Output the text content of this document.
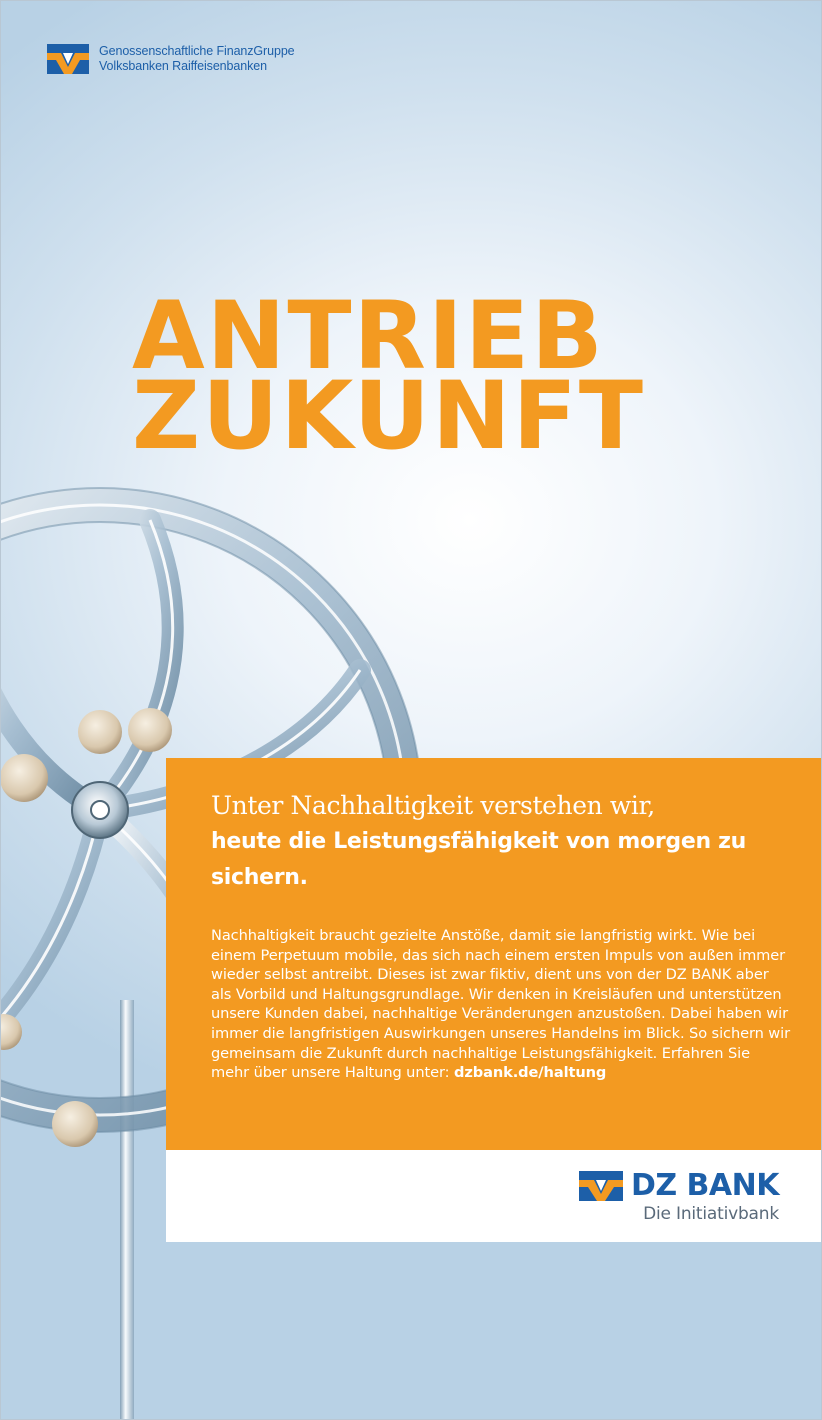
Genossenschaftliche FinanzGruppe
Volksbanken Raiffeisenbanken
ANTRIEB
ZUKUNFT
Unter Nachhaltigkeit verstehen wir,
heute die Leistungsfähigkeit von morgen zu sichern.
Nachhaltigkeit braucht gezielte Anstöße, damit sie langfristig wirkt. Wie bei einem Perpetuum mobile, das sich nach einem ersten Impuls von außen immer wieder selbst antreibt. Dieses ist zwar fiktiv, dient uns von der DZ BANK aber als Vorbild und Haltungsgrundlage. Wir denken in Kreisläufen und unterstützen unsere Kunden dabei, nachhaltige Veränderungen anzustoßen. Dabei haben wir immer die langfristigen Auswirkungen unseres Handelns im Blick. So sichern wir gemeinsam die Zukunft durch nachhaltige Leistungsfähigkeit. Erfahren Sie mehr über unsere Haltung unter: dzbank.de/haltung
DZ BANK
Die Initiativbank
